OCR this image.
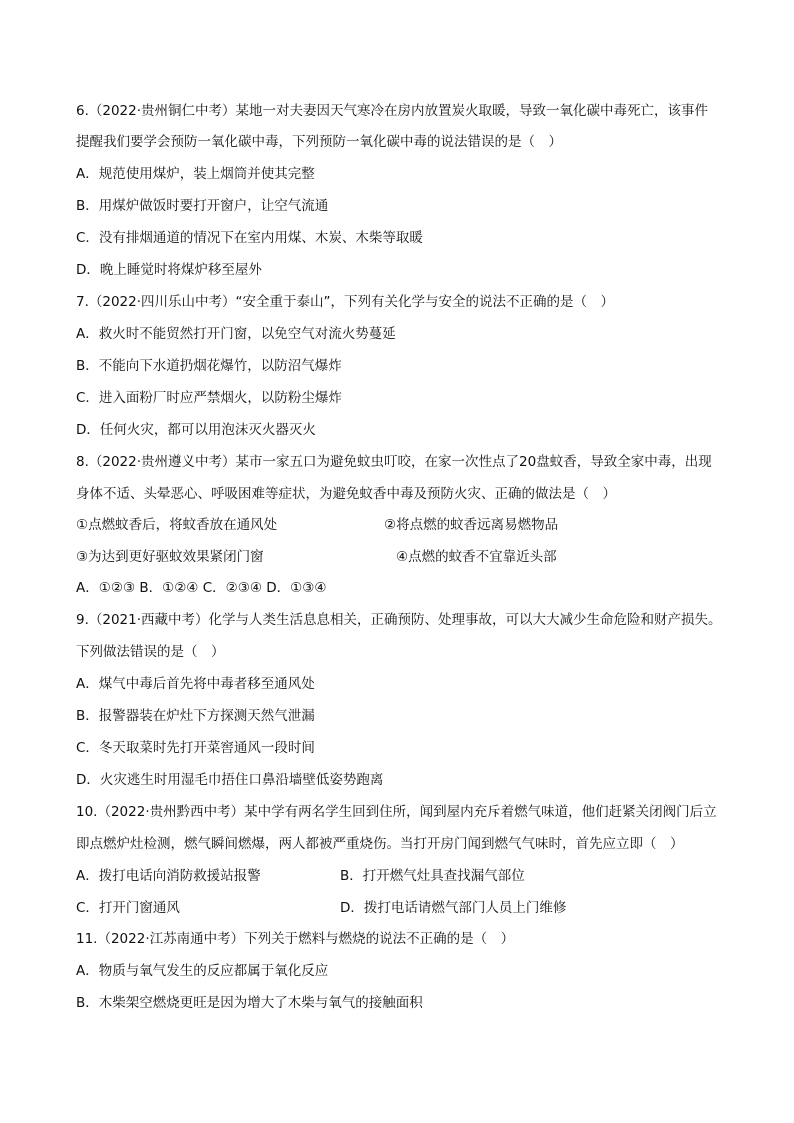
6.（2022·贵州铜仁中考）某地一对夫妻因天气寒冷在房内放置炭火取暖，导致一氧化碳中毒死亡，该事件
提醒我们要学会预防一氧化碳中毒，下列预防一氧化碳中毒的说法错误的是（　）
A．规范使用煤炉，装上烟筒并使其完整
B．用煤炉做饭时要打开窗户，让空气流通
C．没有排烟通道的情况下在室内用煤、木炭、木柴等取暖
D．晚上睡觉时将煤炉移至屋外
7.（2022·四川乐山中考）“安全重于泰山”，下列有关化学与安全的说法不正确的是（　）
A．救火时不能贸然打开门窗，以免空气对流火势蔓延
B．不能向下水道扔烟花爆竹，以防沼气爆炸
C．进入面粉厂时应严禁烟火，以防粉尘爆炸
D．任何火灾，都可以用泡沫灭火器灭火
8.（2022·贵州遵义中考）某市一家五口为避免蚊虫叮咬，在家一次性点了20盘蚊香，导致全家中毒，出现
身体不适、头晕恶心、呼吸困难等症状，为避免蚊香中毒及预防火灾、正确的做法是（　）
①点燃蚊香后，将蚊香放在通风处	②将点燃的蚊香远离易燃物品
③为达到更好驱蚊效果紧闭门窗	④点燃的蚊香不宜靠近头部
A．①②③ B．①②④ C．②③④ D．①③④
9.（2021·西藏中考）化学与人类生活息息相关，正确预防、处理事故，可以大大减少生命危险和财产损失。
下列做法错误的是（　）
A．煤气中毒后首先将中毒者移至通风处
B．报警器装在炉灶下方探测天然气泄漏
C．冬天取菜时先打开菜窖通风一段时间
D．火灾逃生时用湿毛巾捂住口鼻沿墙壁低姿势跑离
10.（2022·贵州黔西中考）某中学有两名学生回到住所，闻到屋内充斥着燃气味道，他们赶紧关闭阀门后立
即点燃炉灶检测，燃气瞬间燃爆，两人都被严重烧伤。当打开房门闻到燃气气味时，首先应立即（　）
A．拨打电话向消防救援站报警	B．打开燃气灶具查找漏气部位
C．打开门窗通风	D．拨打电话请燃气部门人员上门维修
11.（2022·江苏南通中考）下列关于燃料与燃烧的说法不正确的是（　）
A．物质与氧气发生的反应都属于氧化反应
B．木柴架空燃烧更旺是因为增大了木柴与氧气的接触面积
